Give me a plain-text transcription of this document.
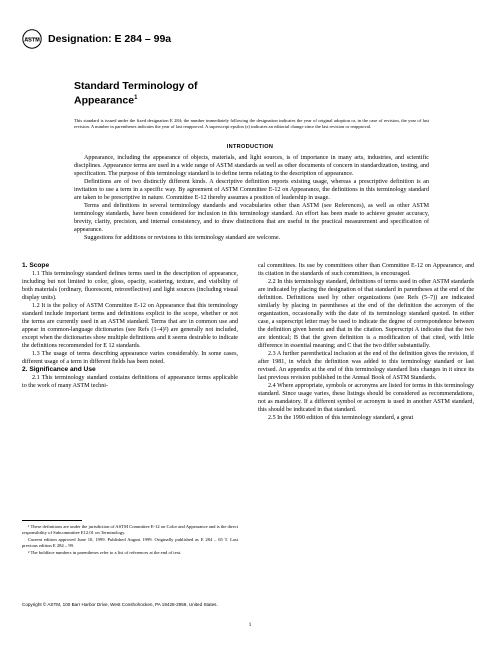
ASTM Designation: E 284 – 99a
Standard Terminology of
Appearance$^1$
This standard is issued under the fixed designation E 284; the number immediately following the designation indicates the year of original adoption or, in the case of revision, the year of last revision. A number in parentheses indicates the year of last reapproval. A superscript epsilon (ε) indicates an editorial change since the last revision or reapproval.
INTRODUCTION

Appearance, including the appearance of objects, materials, and light sources, is of importance in many arts, industries, and scientific disciplines. Appearance terms are used in a wide range of ASTM standards as well as other documents of concern in standardization, testing, and specification. The purpose of this terminology standard is to define terms relating to the description of appearance.

Definitions are of two distinctly different kinds. A descriptive definition reports existing usage, whereas a prescriptive definition is an invitation to use a term in a specific way. By agreement of ASTM Committee E-12 on Appearance, the definitions in this terminology standard are taken to be prescriptive in nature. Committee E-12 thereby assumes a position of leadership in usage.

Terms and definitions in several terminology standards and vocabularies other than ASTM (see References), as well as other ASTM terminology standards, have been considered for inclusion in this terminology standard. An effort has been made to achieve greater accuracy, brevity, clarity, precision, and internal consistency, and to draw distinctions that are useful in the practical measurement and specification of appearance.

Suggestions for additions or revisions to this terminology standard are welcome.

1. Scope

1.1 This terminology standard defines terms used in the description of appearance, including but not limited to color, gloss, opacity, scattering, texture, and visibility of both materials (ordinary, fluorescent, retroreflective) and light sources (including visual display units).

1.2 It is the policy of ASTM Committee E-12 on Appearance that this terminology standard include important terms and definitions explicit to the scope, whether or not the terms are currently used in an ASTM standard. Terms that are in common use and appear in common-language dictionaries (see Refs (1–4)²) are generally not included, except when the dictionaries show multiple definitions and it seems desirable to indicate the definitions recommended for E 12 standards.

1.3 The usage of terms describing appearance varies considerably. In some cases, different usage of a term in different fields has been noted.

2. Significance and Use

2.1 This terminology standard contains definitions of appearance terms applicable to the work of many ASTM techni-

cal committees. Its use by committees other than Committee E-12 on Appearance, and its citation in the standards of such committees, is encouraged.

2.2 In this terminology standard, definitions of terms used in other ASTM standards are indicated by placing the designation of that standard in parentheses at the end of the definition. Definitions used by other organizations (see Refs (5–7)) are indicated similarly by placing in parentheses at the end of the definition the acronym of the organization, occasionally with the date of its terminology standard quoted. In either case, a superscript letter may be used to indicate the degree of correspondence between the definition given herein and that in the citation. Superscript A indicates that the two are identical; B that the given definition is a modification of that cited, with little difference in essential meaning; and C that the two differ substantially.

2.3 A further parenthetical inclusion at the end of the definition gives the revision, if after 1981, in which the definition was added to this terminology standard or last revised. An appendix at the end of this terminology standard lists changes in it since its last previous revision published in the Annual Book of ASTM Standards.

2.4 Where appropriate, symbols or acronyms are listed for terms in this terminology standard. Since usage varies, these listings should be considered as recommendations, not as mandatory. If a different symbol or acronym is used in another ASTM standard, this should be indicated in that standard.

2.5 In the 1990 edition of this terminology standard, a great

¹ These definitions are under the jurisdiction of ASTM Committee E-12 on Color and Appearance and is the direct responsibility of Subcommittee E12.01 on Terminology.

Current edition approved June 10, 1999. Published August 1999. Originally published as E 284 – 65 T. Last previous edition E 284 – 99.

² The boldface numbers in parentheses refer to a list of references at the end of text.

Copyright © ASTM, 100 Barr Harbor Drive, West Conshohocken, PA 19428-2959, United States.
1
